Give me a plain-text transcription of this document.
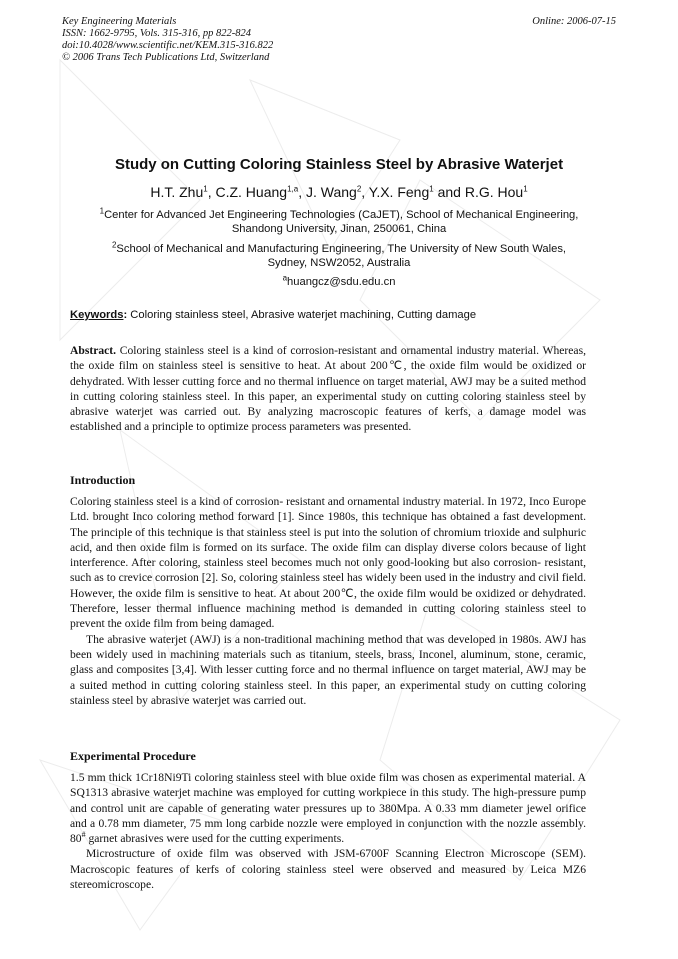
Key Engineering Materials
ISSN: 1662-9795, Vols. 315-316, pp 822-824
doi:10.4028/www.scientific.net/KEM.315-316.822
© 2006 Trans Tech Publications Ltd, Switzerland
Online: 2006-07-15
Study on Cutting Coloring Stainless Steel by Abrasive Waterjet
H.T. Zhu$^1$, C.Z. Huang$^{1,a}$, J. Wang$^2$, Y.X. Feng$^1$ and R.G. Hou$^1$
$^1$Center for Advanced Jet Engineering Technologies (CaJET), School of Mechanical Engineering,
Shandong University, Jinan, 250061, China
$^2$School of Mechanical and Manufacturing Engineering, The University of New South Wales,
Sydney, NSW2052, Australia
$^a$huangcz@sdu.edu.cn
Keywords: Coloring stainless steel, Abrasive waterjet machining, Cutting damage

Abstract. Coloring stainless steel is a kind of corrosion-resistant and ornamental industry material. Whereas, the oxide film on stainless steel is sensitive to heat. At about 200℃, the oxide film would be oxidized or dehydrated. With lesser cutting force and no thermal influence on target material, AWJ may be a suited method in cutting coloring stainless steel. In this paper, an experimental study on cutting coloring stainless steel by abrasive waterjet was carried out. By analyzing macroscopic features of kerfs, a damage model was established and a principle to optimize process parameters was presented.

Introduction

Coloring stainless steel is a kind of corrosion- resistant and ornamental industry material. In 1972, Inco Europe Ltd. brought Inco coloring method forward [1]. Since 1980s, this technique has obtained a fast development. The principle of this technique is that stainless steel is put into the solution of chromium trioxide and sulphuric acid, and then oxide film is formed on its surface. The oxide film can display diverse colors because of light interference. After coloring, stainless steel becomes much not only good-looking but also corrosion- resistant, such as to crevice corrosion [2]. So, coloring stainless steel has widely been used in the industry and civil field. However, the oxide film is sensitive to heat. At about 200℃, the oxide film would be oxidized or dehydrated. Therefore, lesser thermal influence machining method is demanded in cutting coloring stainless steel to prevent the oxide film from being damaged.

The abrasive waterjet (AWJ) is a non-traditional machining method that was developed in 1980s. AWJ has been widely used in machining materials such as titanium, steels, brass, Inconel, aluminum, stone, ceramic, glass and composites [3,4]. With lesser cutting force and no thermal influence on target material, AWJ may be a suited method in cutting coloring stainless steel. In this paper, an experimental study on cutting coloring stainless steel by abrasive waterjet was carried out.

Experimental Procedure

1.5 mm thick 1Cr18Ni9Ti coloring stainless steel with blue oxide film was chosen as experimental material. A SQ1313 abrasive waterjet machine was employed for cutting workpiece in this study. The high-pressure pump and control unit are capable of generating water pressures up to 380Mpa. A 0.33 mm diameter jewel orifice and a 0.78 mm diameter, 75 mm long carbide nozzle were employed in conjunction with the nozzle assembly. 80# garnet abrasives were used for the cutting experiments.

Microstructure of oxide film was observed with JSM-6700F Scanning Electron Microscope (SEM). Macroscopic features of kerfs of coloring stainless steel were observed and measured by Leica MZ6 stereomicroscope.
